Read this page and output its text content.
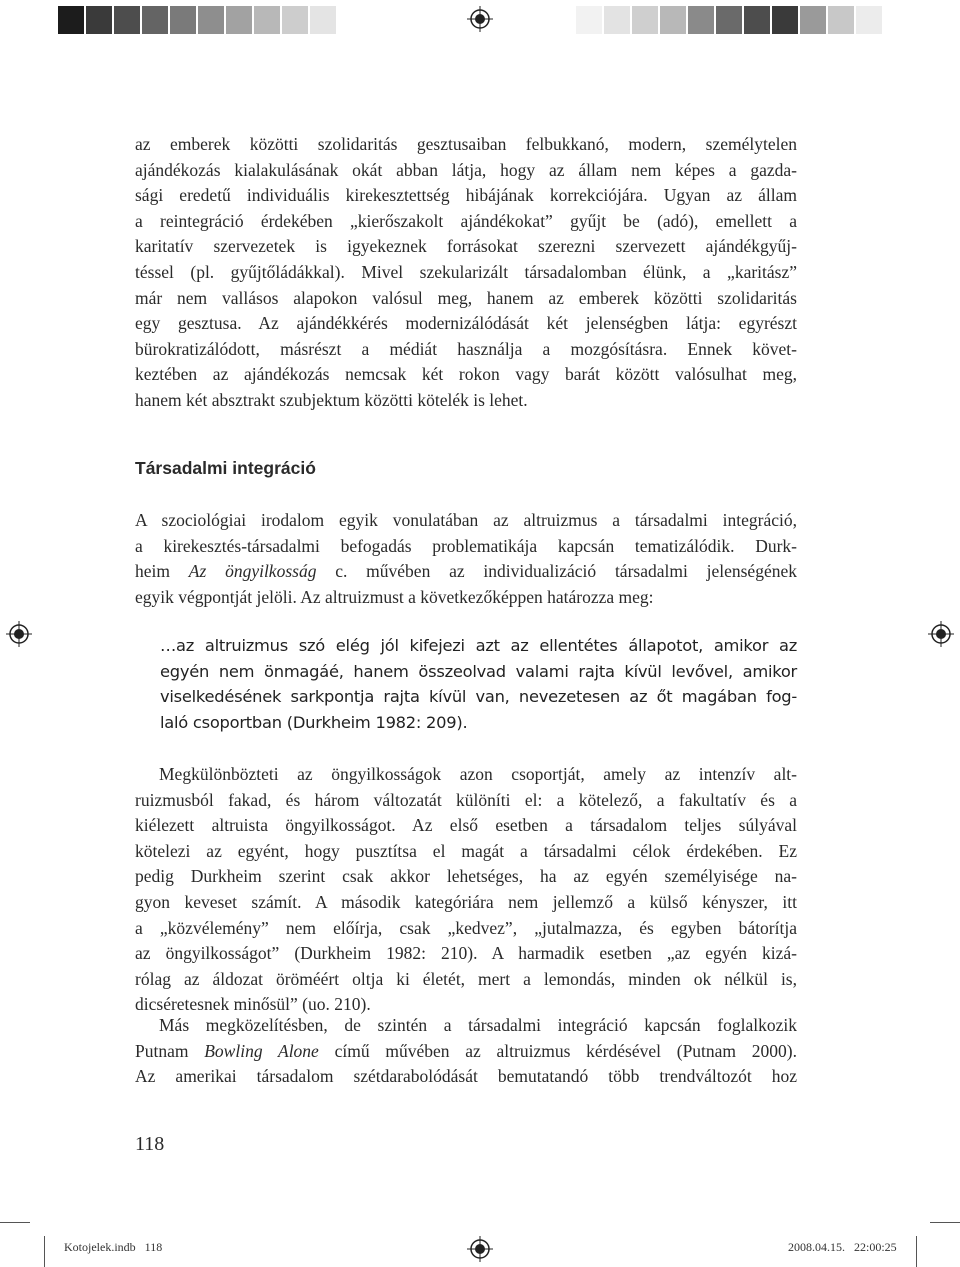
az emberek közötti szolidaritás gesztusaiban felbukkanó, modern, személytelen
ajándékozás kialakulásának okát abban látja, hogy az állam nem képes a gazda-
sági eredetű individuális kirekesztettség hibájának korrekciójára. Ugyan az állam
a reintegráció érdekében „kierőszakolt ajándékokat” gyűjt be (adó), emellett a
karitatív szervezetek is igyekeznek forrásokat szerezni szervezett ajándékgyűj-
téssel (pl. gyűjtőládákkal). Mivel szekularizált társadalomban élünk, a „karitász”
már nem vallásos alapokon valósul meg, hanem az emberek közötti szolidaritás
egy gesztusa. Az ajándékkérés modernizálódását két jelenségben látja: egyrészt
bürokratizálódott, másrészt a médiát használja a mozgósításra. Ennek követ-
keztében az ajándékozás nemcsak két rokon vagy barát között valósulhat meg,
hanem két absztrakt szubjektum közötti kötelék is lehet.
Társadalmi integráció
A szociológiai irodalom egyik vonulatában az altruizmus a társadalmi integráció,
a kirekesztés-társadalmi befogadás problematikája kapcsán tematizálódik. Durk-
heim Az öngyilkosság c. művében az individualizáció társadalmi jelenségének
egyik végpontját jelöli. Az altruizmust a következőképpen határozza meg:
…az altruizmus szó elég jól kifejezi azt az ellentétes állapotot, amikor az
egyén nem önmagáé, hanem összeolvad valami rajta kívül levővel, amikor
viselkedésének sarkpontja rajta kívül van, nevezetesen az őt magában fog-
laló csoportban (Durkheim 1982: 209).
Megkülönbözteti az öngyilkosságok azon csoportját, amely az intenzív alt-
ruizmusból fakad, és három változatát különíti el: a kötelező, a fakultatív és a
kiélezett altruista öngyilkosságot. Az első esetben a társadalom teljes súlyával
kötelezi az egyént, hogy pusztítsa el magát a társadalmi célok érdekében. Ez
pedig Durkheim szerint csak akkor lehetséges, ha az egyén személyisége na-
gyon keveset számít. A második kategóriára nem jellemző a külső kényszer, itt
a „közvélemény” nem előírja, csak „kedvez”, „jutalmazza, és egyben bátorítja
az öngyilkosságot” (Durkheim 1982: 210). A harmadik esetben „az egyén kizá-
rólag az áldozat öröméért oltja ki életét, mert a lemondás, minden ok nélkül is,
dicséretesnek minősül” (uo. 210).
Más megközelítésben, de szintén a társadalmi integráció kapcsán foglalkozik
Putnam Bowling Alone című művében az altruizmus kérdésével (Putnam 2000).
Az amerikai társadalom szétdarabolódását bemutatandó több trendváltozót hoz
118
Kotojelek.indb   118	2008.04.15.   22:00:25
